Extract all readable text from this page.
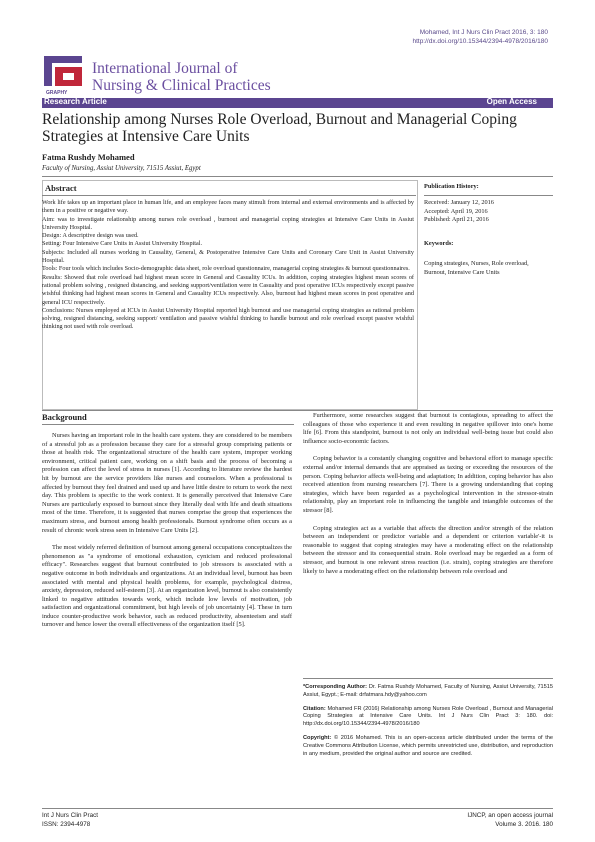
Mohamed, Int J Nurs Clin Pract 2016, 3: 180
http://dx.doi.org/10.15344/2394-4978/2016/180
GRAPHY
International Journal of
Nursing & Clinical Practices
Research Article	Open Access
Relationship among Nurses Role Overload, Burnout and Managerial Coping Strategies at Intensive Care Units
Fatma Rushdy Mohamed
Faculty of Nursing, Assiut University, 71515 Assiut, Egypt
Abstract

Work life takes up an important place in human life, and an employee faces many stimuli from internal and external environments and is affected by them in a positive or negative way.

Aim: was to investigate relationship among nurses role overload , burnout and managerial coping strategies at Intensive Care Units in Assiut University Hospital.

Design: A descriptive design was used.

Setting: Four Intensive Care Units in Assiut University Hospital.

Subjects: Included all nurses working in Causality, General, & Postoperative Intensive Care Units and Coronary Care Unit in Assiut University Hospital.

Tools: Four tools which includes Socio-demographic data sheet, role overload questionnaire, managerial coping strategies & burnout questionnaires.

Results: Showed that role overload had highest mean score in General and Casuality ICUs. In addition, coping strategies highest mean scores of rational problem solving , resigned distancing, and seeking support/ventilation were in Casuality and post operative ICUs respectively except passive wishful thinking had highest mean scores in General and Casuality ICUs respectively. Also, burnout had highest mean scores in post operative and general ICU respectively.

Conclusions: Nurses employed at ICUs in Assiut University Hospital reported high burnout and use managerial coping strategies as rational problem solving, resigned distancing, seeking support/ ventilation and passive wishful thinking to handle burnout and role overload except passive wishful thinking not used with role overload.

Publication History:
Received: January 12, 2016
Accepted: April 19, 2016
Published: April 21, 2016
Keywords:
Coping strategies, Nurses, Role overload, Burnout, Intensive Care Units
Background

Nurses having an important role in the health care system. they are considered to be members of a stressful job as a profession because they care for a stressful group comprising patients or those at health risk. The organizational structure of the health care system, improper working environment, critical patient care, working on a shift basis and the process of becoming a profession can affect the level of stress in nurses [1]. According to literature review the hardest hit by burnout are the service providers like nurses and counselors. When a professional is affected by burnout they feel drained and used up and have little desire to return to work the next day. This problem is specific to the work context. It is generally perceived that Intensive Care Nurses are particularly exposed to burnout since they literally deal with life and death situations most of the time. Therefore, it is suggested that nurses comprise the group that experiences the maximum stress, and burnout among health professionals. Burnout syndrome often occurs as a result of chronic work stress seen in Intensive Care Units [2].

The most widely referred definition of burnout among general occupations conceptualizes the phenomenon as "a syndrome of emotional exhaustion, cynicism and reduced professional efficacy". Researches suggest that burnout contributed to job stressors is associated with a negative outcome in both individuals and organizations. At an individual level, burnout has been associated with mental and physical health problems, for example, psychological distress, anxiety, depression, reduced self-esteem [3]. At an organization level, burnout is also consistently linked to negative attitudes towards work, which include low levels of motivation, job satisfaction and organizational commitment, but high levels of job uncertainty [4]. These in turn induce counter-productive work behavior, such as reduced productivity, absenteeism and staff turnover and hence lower the overall effectiveness of the organization itself [5].

Furthermore, some researches suggest that burnout is contagious, spreading to affect the colleagues of those who experience it and even resulting in negative spillover into one's home life [6]. From this standpoint, burnout is not only an individual well-being issue but could also influence socio-economic factors.

Coping behavior is a constantly changing cognitive and behavioral effort to manage specific external and/or internal demands that are appraised as taxing or exceeding the resources of the person. Coping behavior affects well-being and adaptation; In addition, coping behavior has also received attention from nursing researchers [7]. There is a growing understanding that coping strategies, which have been regarded as a psychological intervention in the stressor-strain relationship, play an important role in influencing the tangible and intangible outcomes of the stressor [8].

Coping strategies act as a variable that affects the direction and/or strength of the relation between an independent or predictor variable and a dependent or criterion variable'-it is reasonable to suggest that coping strategies may have a moderating effect on the relationship between the stressor and its consequential strain. Role overload may be regarded as a form of stressor, and burnout is one relevant stress reaction (i.e. strain), coping strategies are therefore likely to have a moderating effect on the relationship between role overload and

*Corresponding Author: Dr. Fatma Rushdy Mohamed, Faculty of Nursing, Assiut University, 71515 Assiut, Egypt.; E-mail: drfatmara.hdy@yahoo.com

Citation: Mohamed FR (2016) Relationship among Nurses Role Overload , Burnout and Managerial Coping Strategies at Intensive Care Units. Int J Nurs Clin Pract 3: 180. doi: http://dx.doi.org/10.15344/2394-4978/2016/180

Copyright: © 2016 Mohamed. This is an open-access article distributed under the terms of the Creative Commons Attribution License, which permits unrestricted use, distribution, and reproduction in any medium, provided the original author and source are credited.

Int J Nurs Clin Pract
ISSN: 2394-4978
IJNCP, an open access journal
Volume 3. 2016. 180
